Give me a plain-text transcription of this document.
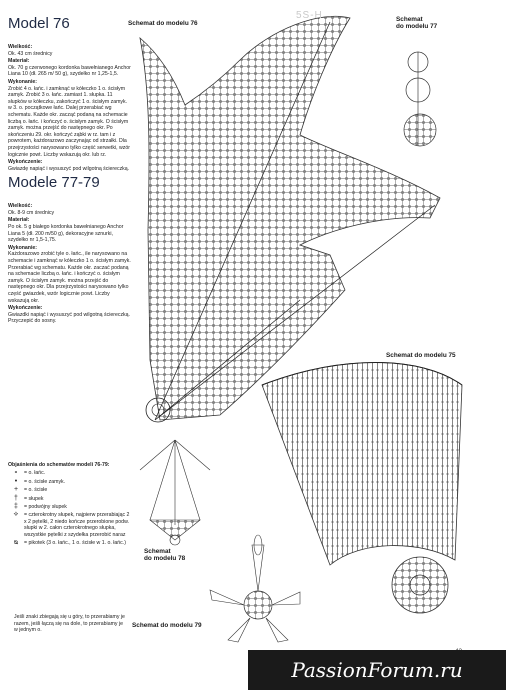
5S-H
Model 76
Wielkość:
Ok. 43 cm średnicy
Materiał:
Ok. 70 g czerwonego kordonka bawełnianego Anchor Liana 10 (dł. 265 m/ 50 g), szydełko nr 1,25-1,5.
Wykonanie:
Zrobić 4 o. łańc. i zamknąć w kółeczko 1 o. ścisłym zamyk. Zrobić 3 o. łańc. zamiast 1. słupka. 11 słupków w kółeczku, zakończyć 1 o. ścisłym zamyk. w 3. o. początkowe łańc. Dalej przerabiać wg schematu. Każde okr. zacząć podaną na schemacie liczbą o. łańc. i kończyć o. ścisłym zamyk. O ścisłym zamyk. można przejść do następnego okr. Po skończeniu 29. okr. kończyć ząbki w rz. tam i z powrotem, każdorazowo zaczynając od strzałki. Dla przejrzystości narysowano tylko część serwetki, wzór logicznie powt. Liczby wskazują okr. lub rz.
Wykończenie:
Gwiazdę napiąć i wysuszyć pod wilgotną ściereczką.
Modele 77-79
Wielkość:
Ok. 8-9 cm średnicy
Materiał:
Po ok. 5 g białego kordonka bawełnianego Anchor Liana 5 (dł. 200 m/50 g), dekoracyjne sznurki, szydełko nr 1,5-1,75.
Wykonanie:
Każdorazowo zrobić tyle o. łańc., ile narysowano na schemacie i zamknąć w kółeczko 1 o. ścisłym zamyk. Przerabiać wg schematu. Każde okr. zaczać podaną na schemacie liczbą o. łańc. i kończyć o. ścisłym zamyk. O ścisłym zamyk. można przejść do następnego okr. Dla przejrzystości narysowano tylko część gwiazdek, wzór logicznie powt. Liczby wskazują okr.
Wykończenie:
Gwiazdki napiąć i wysuszyć pod wilgotną ściereczką. Przyczepić do sosny.
Objaśnienia do schematów modeli 76-79:
∘	= o. łańc.
•	= o. ścisłe zamyk.
+	= o. ścisłe
†	= słupek
‡	= podwójny słupek
⟡	= czterokrotny słupek, najpierw przerabiając 2 x 2 pętelki, 2 niedo kończe przerobione podw. słupki w 2. całon czterokrotnego słupka, wszystkie pętelki z szydełka przerobić naraz
ᴓ	= pikotek (3 o. łańc., 1 o. ścisłe w 1. o. łańc.)
Jeśli znaki zbiegają się u góry, to przerabiamy je razem, jeśli łączą się na dole, to przerabiamy je w jednym o.
Schemat do modelu 76
Schemat
do modelu 77
Schemat do modelu 75
Schemat
do modelu 78
Schemat do modelu 79
PassionForum.ru
